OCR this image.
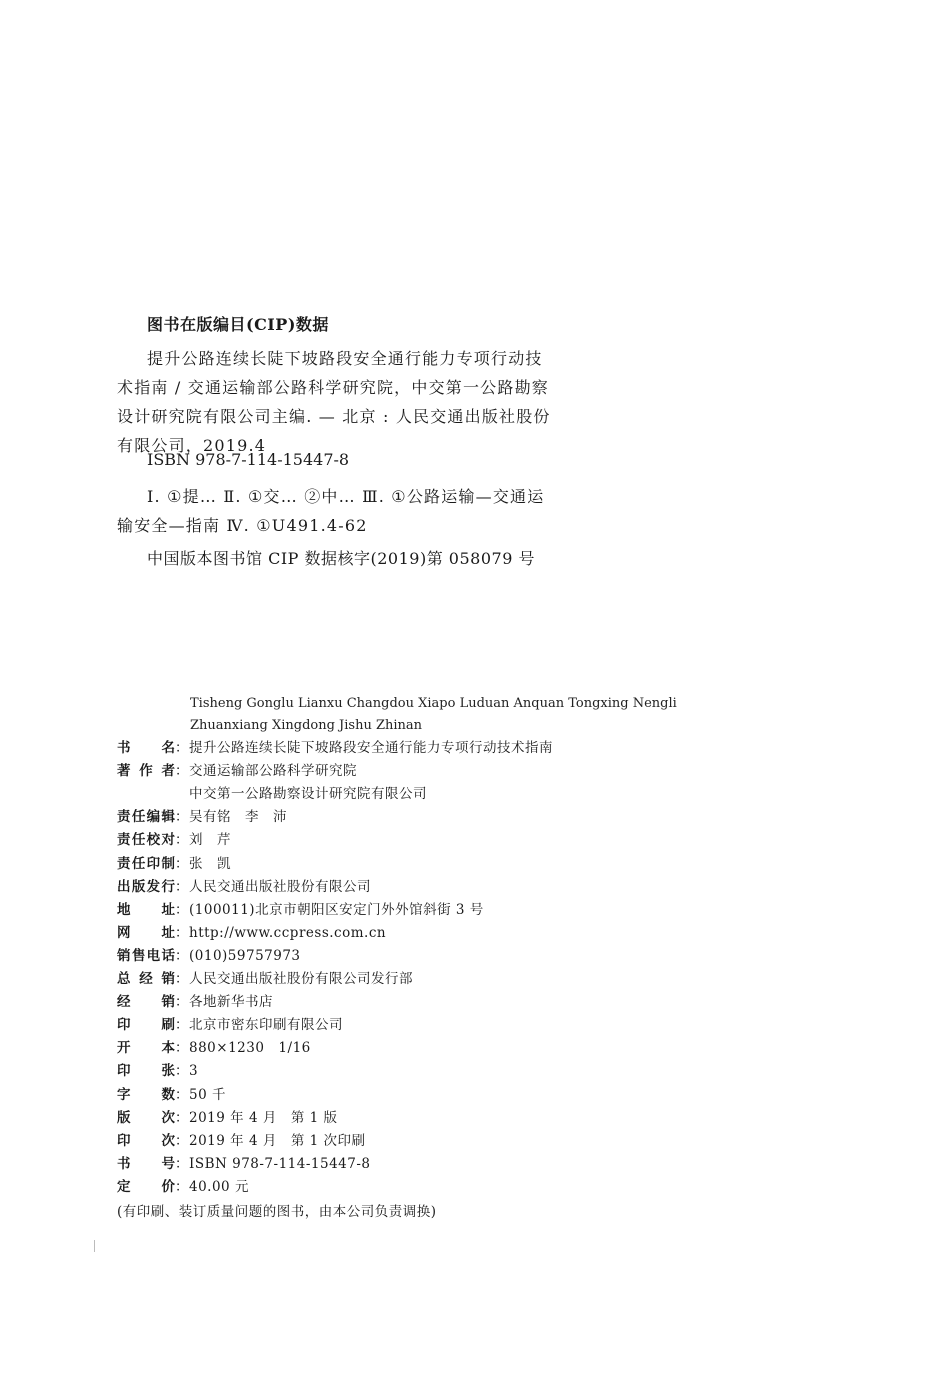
图书在版编目(CIP)数据
提升公路连续长陡下坡路段安全通行能力专项行动技术指南 / 交通运输部公路科学研究院，中交第一公路勘察设计研究院有限公司主编. — 北京 : 人民交通出版社股份有限公司，2019.4
ISBN 978-7-114-15447-8
Ⅰ. ①提… Ⅱ. ①交… ②中… Ⅲ. ①公路运输—交通运输安全—指南 Ⅳ. ①U491.4-62
中国版本图书馆 CIP 数据核字(2019)第 058079 号
Tisheng Gonglu Lianxu Changdou Xiapo Luduan Anquan Tongxing Nengli
Zhuanxiang Xingdong Jishu Zhinan
书 名 ： 提升公路连续长陡下坡路段安全通行能力专项行动技术指南
著 作 者 ： 交通运输部公路科学研究院
中交第一公路勘察设计研究院有限公司
责 任 编 辑 ： 吴有铭　李　沛
责 任 校 对 ： 刘　芹
责 任 印 制 ： 张　凯
出 版 发 行 ： 人民交通出版社股份有限公司
地 址 ： (100011)北京市朝阳区安定门外外馆斜街 3 号
网 址 ： http://www.ccpress.com.cn
销 售 电 话 ： (010)59757973
总 经 销 ： 人民交通出版社股份有限公司发行部
经 销 ： 各地新华书店
印 刷 ： 北京市密东印刷有限公司
开 本 ： 880×1230　1/16
印 张 ： 3
字 数 ： 50 千
版 次 ： 2019 年 4 月　第 1 版
印 次 ： 2019 年 4 月　第 1 次印刷
书 号 ： ISBN 978-7-114-15447-8
定 价 ： 40.00 元
(有印刷、装订质量问题的图书，由本公司负责调换)
